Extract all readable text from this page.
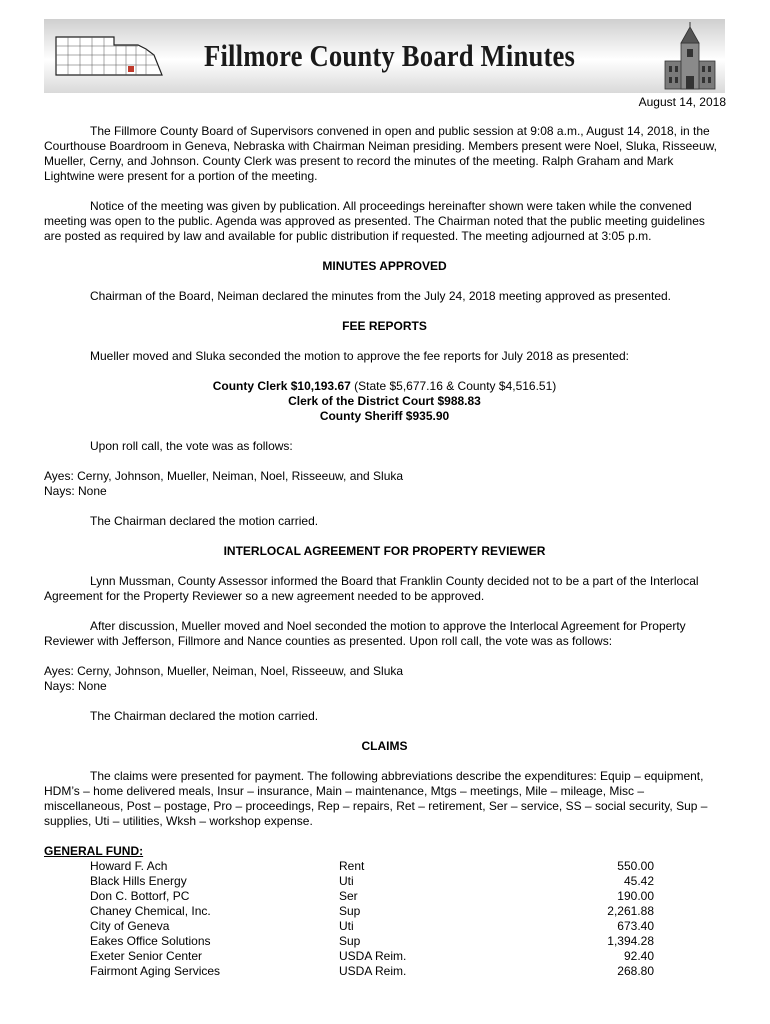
Fillmore County Board Minutes
August 14, 2018

The Fillmore County Board of Supervisors convened in open and public session at 9:08 a.m., August 14, 2018, in the Courthouse Boardroom in Geneva, Nebraska with Chairman Neiman presiding. Members present were Noel, Sluka, Risseeuw, Mueller, Cerny, and Johnson. County Clerk was present to record the minutes of the meeting. Ralph Graham and Mark Lightwine were present for a portion of the meeting.

Notice of the meeting was given by publication. All proceedings hereinafter shown were taken while the convened meeting was open to the public. Agenda was approved as presented. The Chairman noted that the public meeting guidelines are posted as required by law and available for public distribution if requested. The meeting adjourned at 3:05 p.m.

MINUTES APPROVED

Chairman of the Board, Neiman declared the minutes from the July 24, 2018 meeting approved as presented.

FEE REPORTS

Mueller moved and Sluka seconded the motion to approve the fee reports for July 2018 as presented:

County Clerk $10,193.67 (State $5,677.16 & County $4,516.51)

Clerk of the District Court $988.83

County Sheriff $935.90

Upon roll call, the vote was as follows:

Ayes: Cerny, Johnson, Mueller, Neiman, Noel, Risseeuw, and Sluka

Nays: None

The Chairman declared the motion carried.

INTERLOCAL AGREEMENT FOR PROPERTY REVIEWER

Lynn Mussman, County Assessor informed the Board that Franklin County decided not to be a part of the Interlocal Agreement for the Property Reviewer so a new agreement needed to be approved.

After discussion, Mueller moved and Noel seconded the motion to approve the Interlocal Agreement for Property Reviewer with Jefferson, Fillmore and Nance counties as presented. Upon roll call, the vote was as follows:

Ayes: Cerny, Johnson, Mueller, Neiman, Noel, Risseeuw, and Sluka

Nays: None

The Chairman declared the motion carried.

CLAIMS

The claims were presented for payment. The following abbreviations describe the expenditures: Equip – equipment, HDM’s – home delivered meals, Insur – insurance, Main – maintenance, Mtgs – meetings, Mile – mileage, Misc – miscellaneous, Post – postage, Pro – proceedings, Rep – repairs, Ret – retirement, Ser – service, SS – social security, Sup – supplies, Uti – utilities, Wksh – workshop expense.

GENERAL FUND:

Howard F. Ach	Rent	550.00
Black Hills Energy	Uti	45.42
Don C. Bottorf, PC	Ser	190.00
Chaney Chemical, Inc.	Sup	2,261.88
City of Geneva	Uti	673.40
Eakes Office Solutions	Sup	1,394.28
Exeter Senior Center	USDA Reim.	92.40
Fairmont Aging Services	USDA Reim.	268.80
